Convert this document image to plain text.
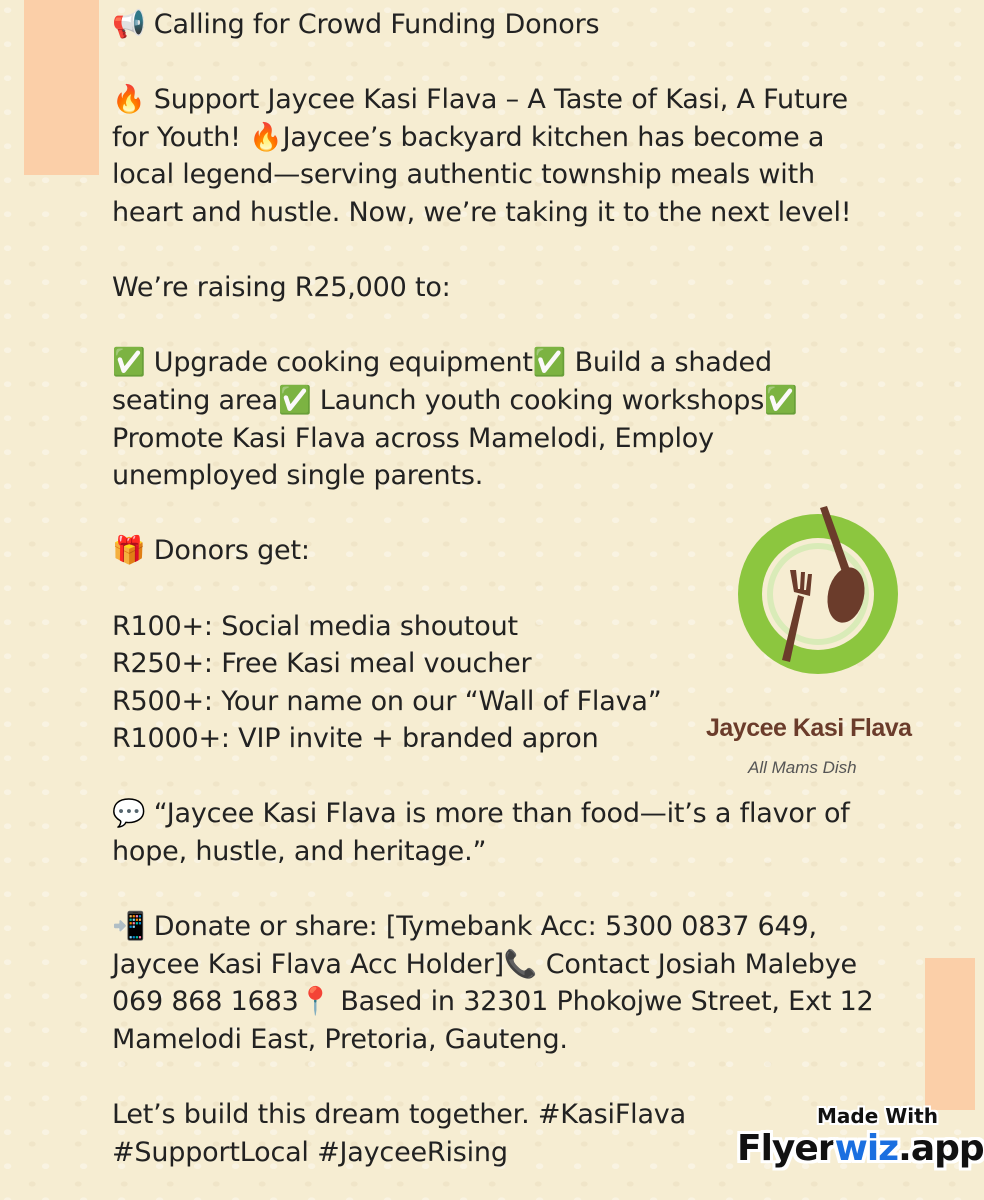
📢 Calling for Crowd Funding Donors
🔥 Support Jaycee Kasi Flava – A Taste of Kasi, A Future
for Youth! 🔥Jaycee’s backyard kitchen has become a
local legend—serving authentic township meals with
heart and hustle. Now, we’re taking it to the next level!
We’re raising R25,000 to:
✅ Upgrade cooking equipment✅ Build a shaded
seating area✅ Launch youth cooking workshops✅
Promote Kasi Flava across Mamelodi, Employ
unemployed single parents.
🎁 Donors get:
R100+: Social media shoutout
R250+: Free Kasi meal voucher
R500+: Your name on our “Wall of Flava”
R1000+: VIP invite + branded apron
💬 “Jaycee Kasi Flava is more than food—it’s a flavor of
hope, hustle, and heritage.”
📲 Donate or share: [Tymebank Acc: 5300 0837 649,
Jaycee Kasi Flava Acc Holder]📞 Contact Josiah Malebye
069 868 1683📍 Based in 32301 Phokojwe Street, Ext 12
Mamelodi East, Pretoria, Gauteng.
Let’s build this dream together. #KasiFlava
#SupportLocal #JayceeRising
Jaycee Kasi Flava
All Mams Dish
Made With
Flyerwiz.app
